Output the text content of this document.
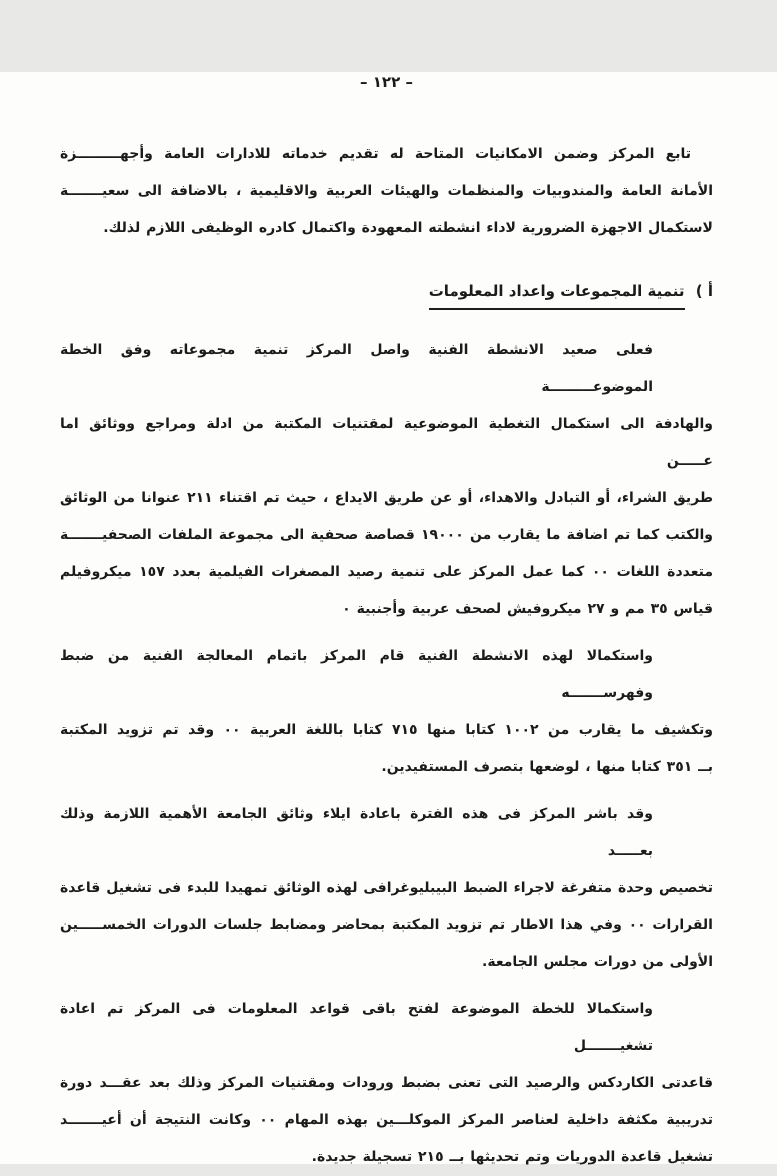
– ١٢٢ –
تابع المركز وضمن الامكانيات المتاحة له تقديم خدماته للادارات العامة وأجهـــــــــزة
الأمانة العامة والمندوبيات والمنظمات والهيئات العربية والاقليمية ، بالاضافة الى سعيـــــــة
لاستكمال الاجهزة الضرورية لاداء انشطته المعهودة واكتمال كادره الوظيفى اللازم لذلك.
أ ) تنمية المجموعات واعداد المعلومات
فعلى صعيد الانشطة الفنية واصل المركز تنمية مجموعاته وفق الخطة الموضوعـــــــــة
والهادفة الى استكمال التغطية الموضوعية لمقتنيات المكتبة من ادلة ومراجع ووثائق اما عـــــن
طريق الشراء، أو التبادل والاهداء، أو عن طريق الايداع ، حيث تم اقتناء ٢١١ عنوانا من الوثائق
والكتب كما تم اضافة ما يقارب من ١٩٠٠٠ قصاصة صحفية الى مجموعة الملفات الصحفيـــــــة
متعددة اللغات ٠٠ كما عمل المركز على تنمية رصيد المصغرات الفيلمية بعدد ١٥٧ ميكروفيلم
قياس ٣٥ مم و ٢٧ ميكروفيش لصحف عربية وأجنبية ٠
واستكمالا لهذه الانشطة الفنية قام المركز باتمام المعالجة الفنية من ضبط وفهرســـــــه
وتكشيف ما يقارب من ١٠٠٢ كتابا منها ٧١٥ كتابا باللغة العربية ٠٠ وقد تم تزويد المكتبة
بــ ٣٥١ كتابا منها ، لوضعها بتصرف المستفيدين.
وقد باشر المركز فى هذه الفترة باعادة ايلاء وثائق الجامعة الأهمية اللازمة وذلك بعـــــد
تخصيص وحدة متفرغة لاجراء الضبط البيبليوغرافى لهذه الوثائق تمهيدا للبدء فى تشغيل قاعدة
القرارات ٠٠ وفي هذا الاطار تم تزويد المكتبة بمحاضر ومضابط جلسات الدورات الخمســـــين
الأولى من دورات مجلس الجامعة.
واستكمالا للخطة الموضوعة لفتح باقى قواعد المعلومات فى المركز تم اعادة تشغيـــــــل
قاعدتى الكاردكس والرصيد التى تعنى بضبط ورودات ومقتنيات المركز وذلك بعد عقـــد دورة
تدريبية مكثفة داخلية لعناصر المركز الموكلـــين بهذه المهام ٠٠ وكانت النتيجة أن أعيـــــــد
تشغيل قاعدة الدوريات وتم تحديثها بــ ٢١٥ تسجيلة جديدة.
